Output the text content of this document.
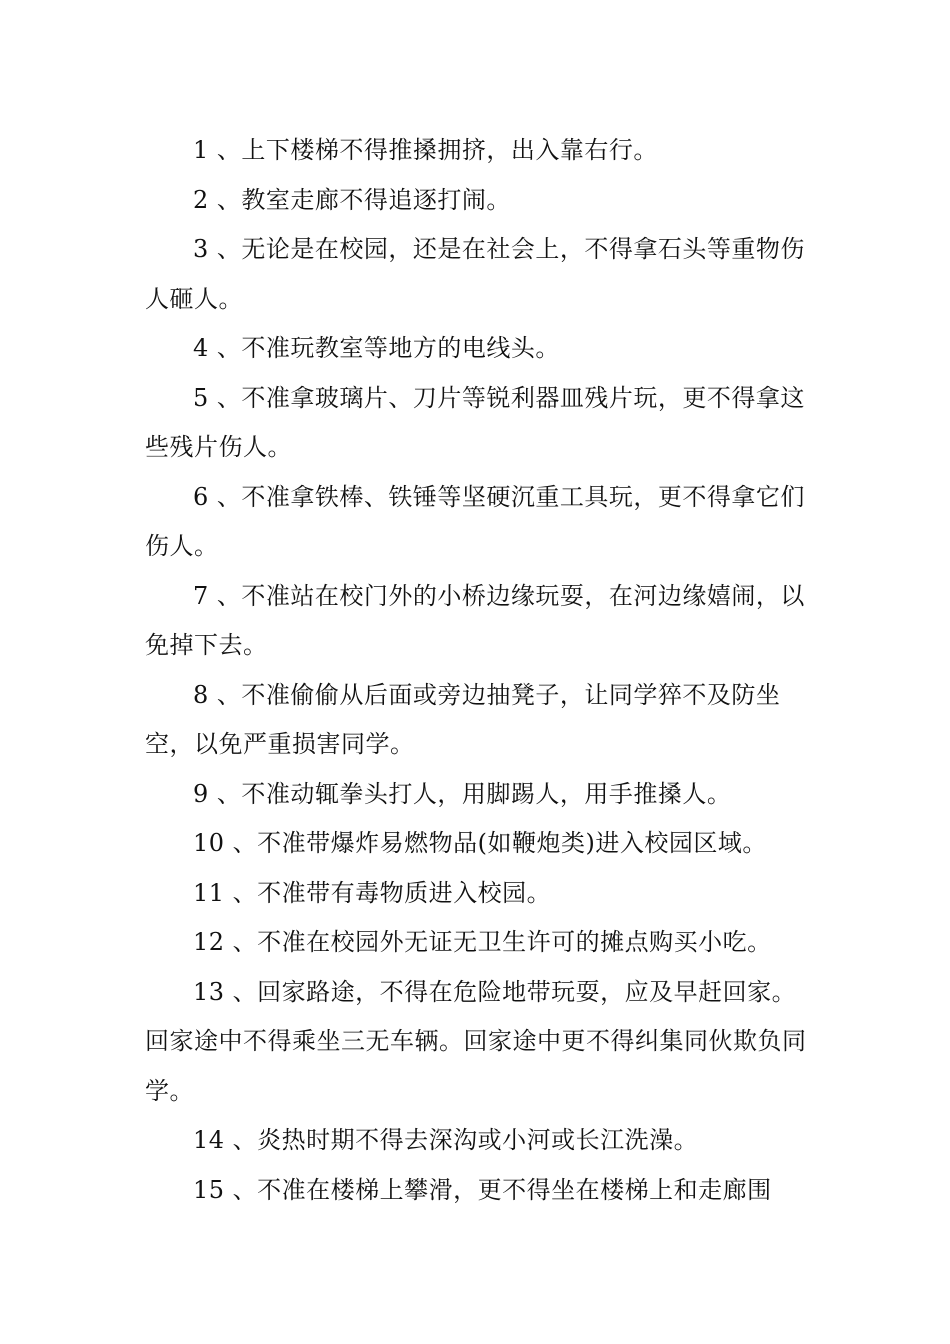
1 、上下楼梯不得推搡拥挤，出入靠右行。

2 、教室走廊不得追逐打闹。

3 、无论是在校园，还是在社会上，不得拿石头等重物伤人砸人。

4 、不准玩教室等地方的电线头。

5 、不准拿玻璃片、刀片等锐利器皿残片玩，更不得拿这些残片伤人。

6 、不准拿铁棒、铁锤等坚硬沉重工具玩，更不得拿它们伤人。

7 、不准站在校门外的小桥边缘玩耍，在河边缘嬉闹，以免掉下去。

8 、不准偷偷从后面或旁边抽凳子，让同学猝不及防坐空，以免严重损害同学。

9 、不准动辄拳头打人，用脚踢人，用手推搡人。

10 、不准带爆炸易燃物品(如鞭炮类)进入校园区域。

11 、不准带有毒物质进入校园。

12 、不准在校园外无证无卫生许可的摊点购买小吃。

13 、回家路途，不得在危险地带玩耍，应及早赶回家。回家途中不得乘坐三无车辆。回家途中更不得纠集同伙欺负同学。

14 、炎热时期不得去深沟或小河或长江洗澡。

15 、不准在楼梯上攀滑，更不得坐在楼梯上和走廊围
